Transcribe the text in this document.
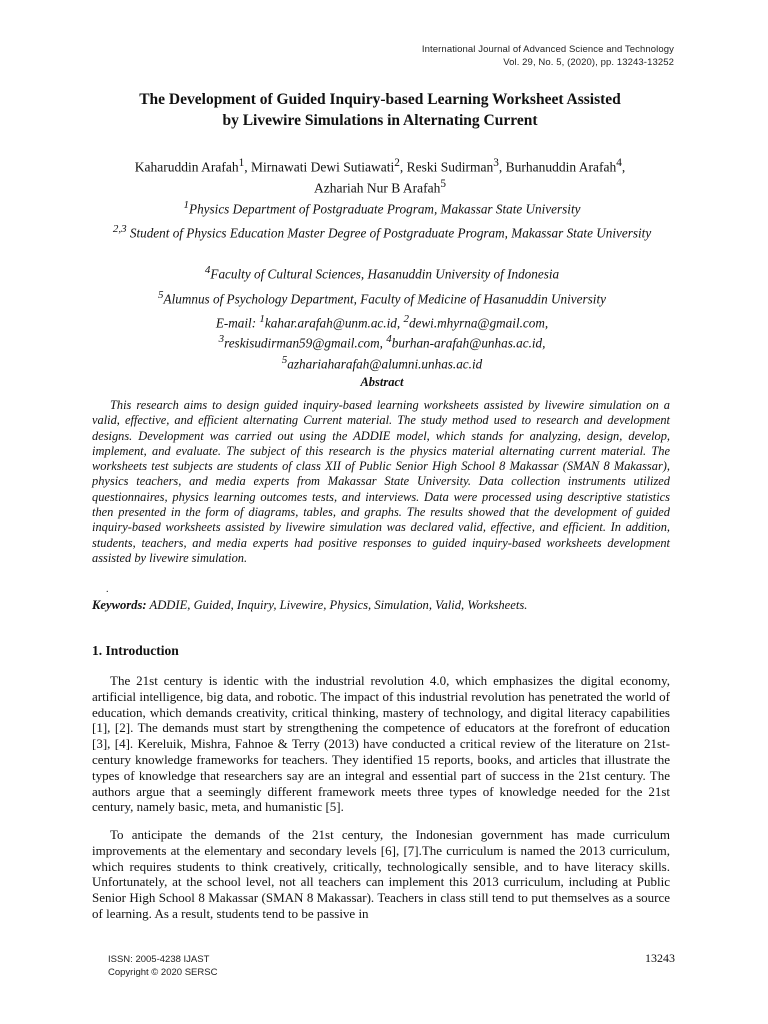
International Journal of Advanced Science and Technology
Vol. 29, No. 5, (2020), pp. 13243-13252
The Development of Guided Inquiry-based Learning Worksheet Assisted
by Livewire Simulations in Alternating Current
Kaharuddin Arafah$^1$, Mirnawati Dewi Sutiawati$^2$, Reski Sudirman$^3$, Burhanuddin Arafah$^4$,
Azhariah Nur B Arafah$^5$
$^1$Physics Department of Postgraduate Program, Makassar State University
$^{2,3}$ Student of Physics Education Master Degree of Postgraduate Program, Makassar State University
$^4$Faculty of Cultural Sciences, Hasanuddin University of Indonesia
$^5$Alumnus of Psychology Department, Faculty of Medicine of Hasanuddin University
E-mail: $^1$kahar.arafah@unm.ac.id, $^2$dewi.mhyrna@gmail.com,
$^3$reskisudirman59@gmail.com, $^4$burhan-arafah@unhas.ac.id,
$^5$azhariaharafah@alumni.unhas.ac.id
Abstract

This research aims to design guided inquiry-based learning worksheets assisted by livewire simulation on a valid, effective, and efficient alternating Current material. The study method used to research and development designs. Development was carried out using the ADDIE model, which stands for analyzing, design, develop, implement, and evaluate. The subject of this research is the physics material alternating current material. The worksheets test subjects are students of class XII of Public Senior High School 8 Makassar (SMAN 8 Makassar), physics teachers, and media experts from Makassar State University. Data collection instruments utilized questionnaires, physics learning outcomes tests, and interviews. Data were processed using descriptive statistics then presented in the form of diagrams, tables, and graphs. The results showed that the development of guided inquiry-based worksheets assisted by livewire simulation was declared valid, effective, and efficient. In addition, students, teachers, and media experts had positive responses to guided inquiry-based worksheets development assisted by livewire simulation.

.
Keywords: ADDIE, Guided, Inquiry, Livewire, Physics, Simulation, Valid, Worksheets.
1. Introduction

The 21st century is identic with the industrial revolution 4.0, which emphasizes the digital economy, artificial intelligence, big data, and robotic. The impact of this industrial revolution has penetrated the world of education, which demands creativity, critical thinking, mastery of technology, and digital literacy capabilities [1], [2]. The demands must start by strengthening the competence of educators at the forefront of education [3], [4]. Kereluik, Mishra, Fahnoe & Terry (2013) have conducted a critical review of the literature on 21st-century knowledge frameworks for teachers. They identified 15 reports, books, and articles that illustrate the types of knowledge that researchers say are an integral and essential part of success in the 21st century. The authors argue that a seemingly different framework meets three types of knowledge needed for the 21st century, namely basic, meta, and humanistic [5].

To anticipate the demands of the 21st century, the Indonesian government has made curriculum improvements at the elementary and secondary levels [6], [7].The curriculum is named the 2013 curriculum, which requires students to think creatively, critically, technologically sensible, and to have literacy skills. Unfortunately, at the school level, not all teachers can implement this 2013 curriculum, including at Public Senior High School 8 Makassar (SMAN 8 Makassar). Teachers in class still tend to put themselves as a source of learning. As a result, students tend to be passive in

ISSN: 2005-4238 IJAST
Copyright © 2020 SERSC
13243
